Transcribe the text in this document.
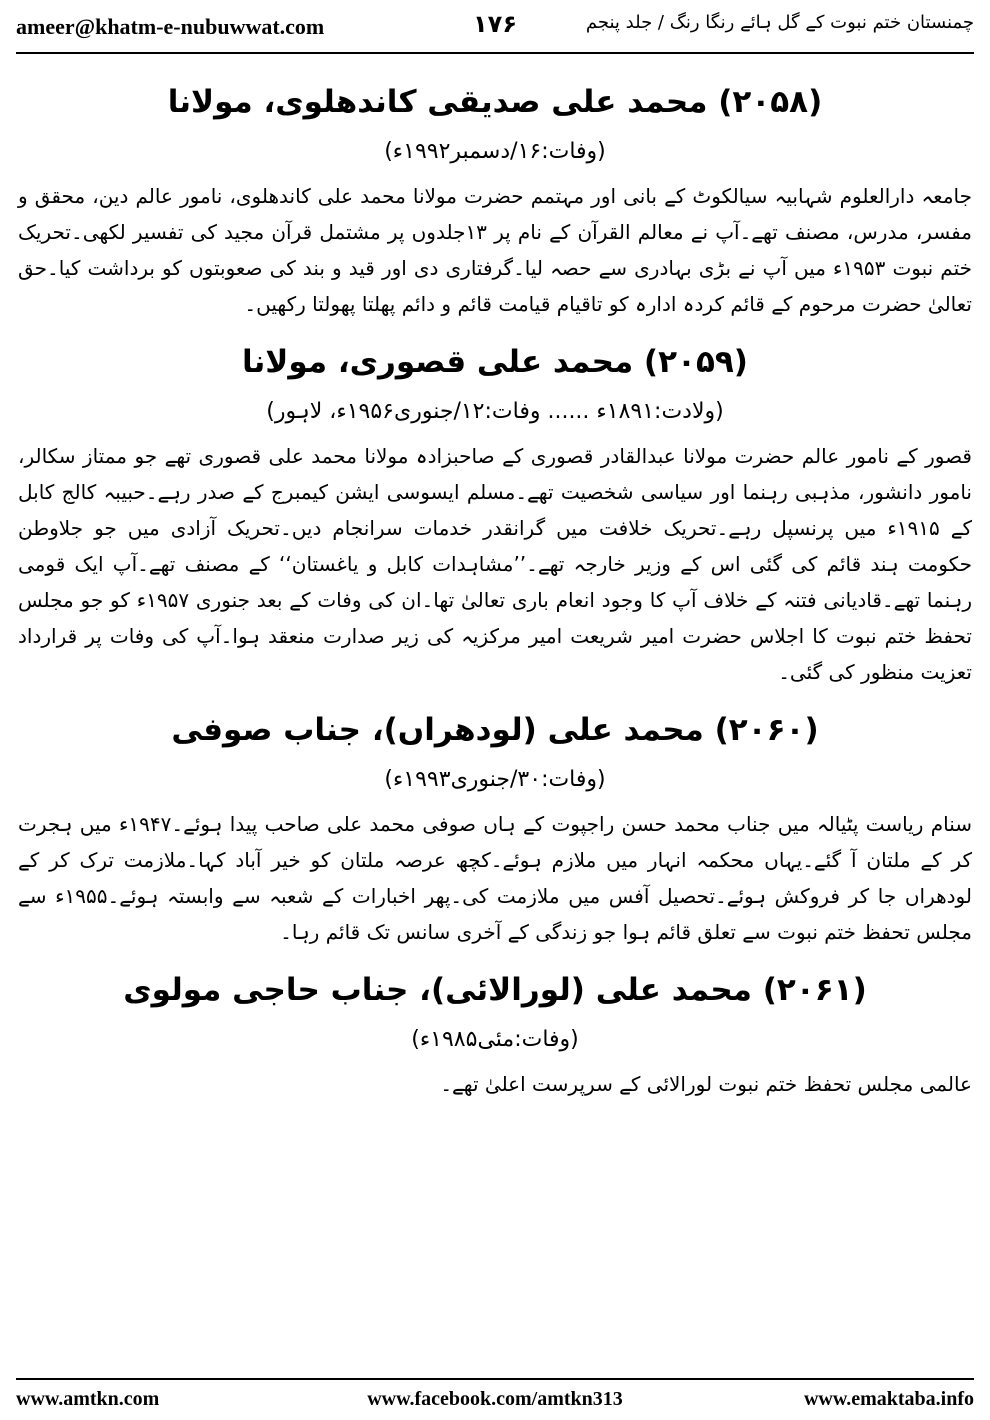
ameer@khatm-e-nubuwwat.com	۱۷۶	چمنستان ختم نبوت کے گل ہائے رنگا رنگ / جلد پنجم
(۲۰۵۸) محمد علی صدیقی کاندھلوی، مولانا
(وفات:۱۶/دسمبر۱۹۹۲ء)

جامعہ دارالعلوم شہابیہ سیالکوٹ کے بانی اور مہتمم حضرت مولانا محمد علی کاندھلوی، نامور عالم دین، محقق و مفسر، مدرس، مصنف تھے۔آپ نے معالم القرآن کے نام پر ۱۳جلدوں پر مشتمل قرآن مجید کی تفسیر لکھی۔تحریک ختم نبوت ۱۹۵۳ء میں آپ نے بڑی بہادری سے حصہ لیا۔گرفتاری دی اور قید و بند کی صعوبتوں کو برداشت کیا۔حق تعالیٰ حضرت مرحوم کے قائم کردہ ادارہ کو تاقیام قیامت قائم و دائم پھلتا پھولتا رکھیں۔

(۲۰۵۹) محمد علی قصوری، مولانا
(ولادت:۱۸۹۱ء ...... وفات:۱۲/جنوری۱۹۵۶ء، لاہور)

قصور کے نامور عالم حضرت مولانا عبدالقادر قصوری کے صاحبزادہ مولانا محمد علی قصوری تھے جو ممتاز سکالر، نامور دانشور، مذہبی رہنما اور سیاسی شخصیت تھے۔مسلم ایسوسی ایشن کیمبرج کے صدر رہے۔حبیبہ کالج کابل کے ۱۹۱۵ء میں پرنسپل رہے۔تحریک خلافت میں گرانقدر خدمات سرانجام دیں۔تحریک آزادی میں جو جلاوطن حکومت ہند قائم کی گئی اس کے وزیر خارجہ تھے۔’’مشاہدات کابل و یاغستان‘‘ کے مصنف تھے۔آپ ایک قومی رہنما تھے۔قادیانی فتنہ کے خلاف آپ کا وجود انعام باری تعالیٰ تھا۔ان کی وفات کے بعد جنوری ۱۹۵۷ء کو جو مجلس تحفظ ختم نبوت کا اجلاس حضرت امیر شریعت امیر مرکزیہ کی زیر صدارت منعقد ہوا۔آپ کی وفات پر قرارداد تعزیت منظور کی گئی۔

(۲۰۶۰) محمد علی (لودھراں)، جناب صوفی
(وفات:۳۰/جنوری۱۹۹۳ء)

سنام ریاست پٹیالہ میں جناب محمد حسن راجپوت کے ہاں صوفی محمد علی صاحب پیدا ہوئے۔۱۹۴۷ء میں ہجرت کر کے ملتان آ گئے۔یہاں محکمہ انہار میں ملازم ہوئے۔کچھ عرصہ ملتان کو خیر آباد کہا۔ملازمت ترک کر کے لودھراں جا کر فروکش ہوئے۔تحصیل آفس میں ملازمت کی۔پھر اخبارات کے شعبہ سے وابستہ ہوئے۔۱۹۵۵ء سے مجلس تحفظ ختم نبوت سے تعلق قائم ہوا جو زندگی کے آخری سانس تک قائم رہا۔

(۲۰۶۱) محمد علی (لورالائی)، جناب حاجی مولوی
(وفات:مئی۱۹۸۵ء)

عالمی مجلس تحفظ ختم نبوت لورالائی کے سرپرست اعلیٰ تھے۔

www.amtkn.com	www.facebook.com/amtkn313	www.emaktaba.info
